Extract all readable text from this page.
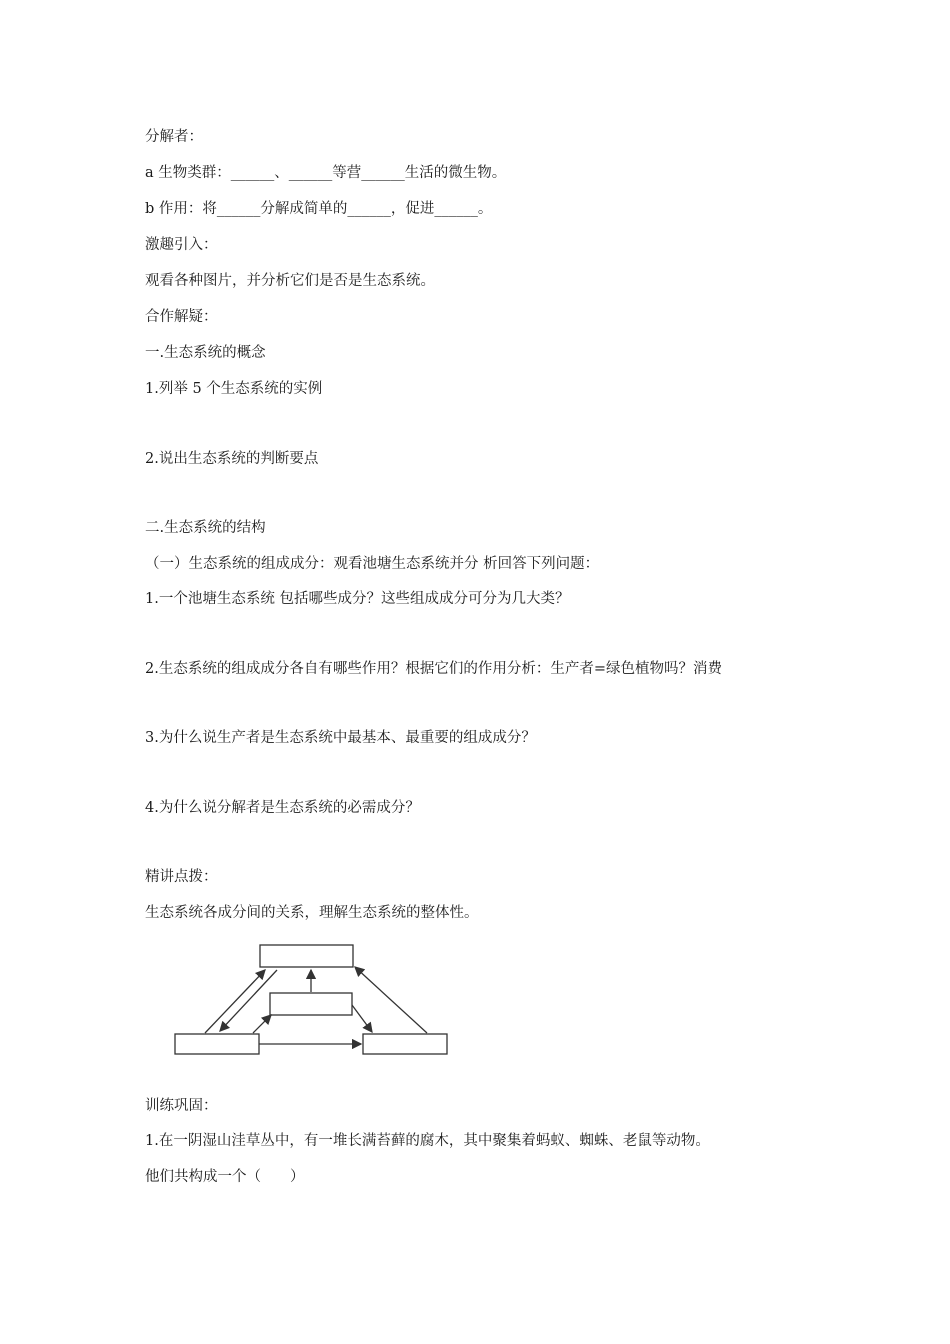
分解者：
a 生物类群：______、______等营______生活的微生物。
b 作用：将______分解成简单的______，促进______。
激趣引入：
观看各种图片，并分析它们是否是生态系统。
合作解疑：
一.生态系统的概念
1.列举 5 个生态系统的实例
2.说出生态系统的判断要点
二.生态系统的结构
（一）生态系统的组成成分：观看池塘生态系统并分 析回答下列问题：
1.一个池塘生态系统 包括哪些成分？这些组成成分可分为几大类？
2.生态系统的组成成分各自有哪些作用？根据它们的作用分析：生产者=绿色植物吗？消费
3.为什么说生产者是生态系统中最基本、最重要的组成成分？
4.为什么说分解者是生态系统的必需成分？
精讲点拨：
生态系统各成分间的关系，理解生态系统的整体性。
训练巩固：
1.在一阴湿山洼草丛中，有一堆长满苔藓的腐木，其中聚集着蚂蚁、蜘蛛、老鼠等动物。
他们共构成一个（　　）
